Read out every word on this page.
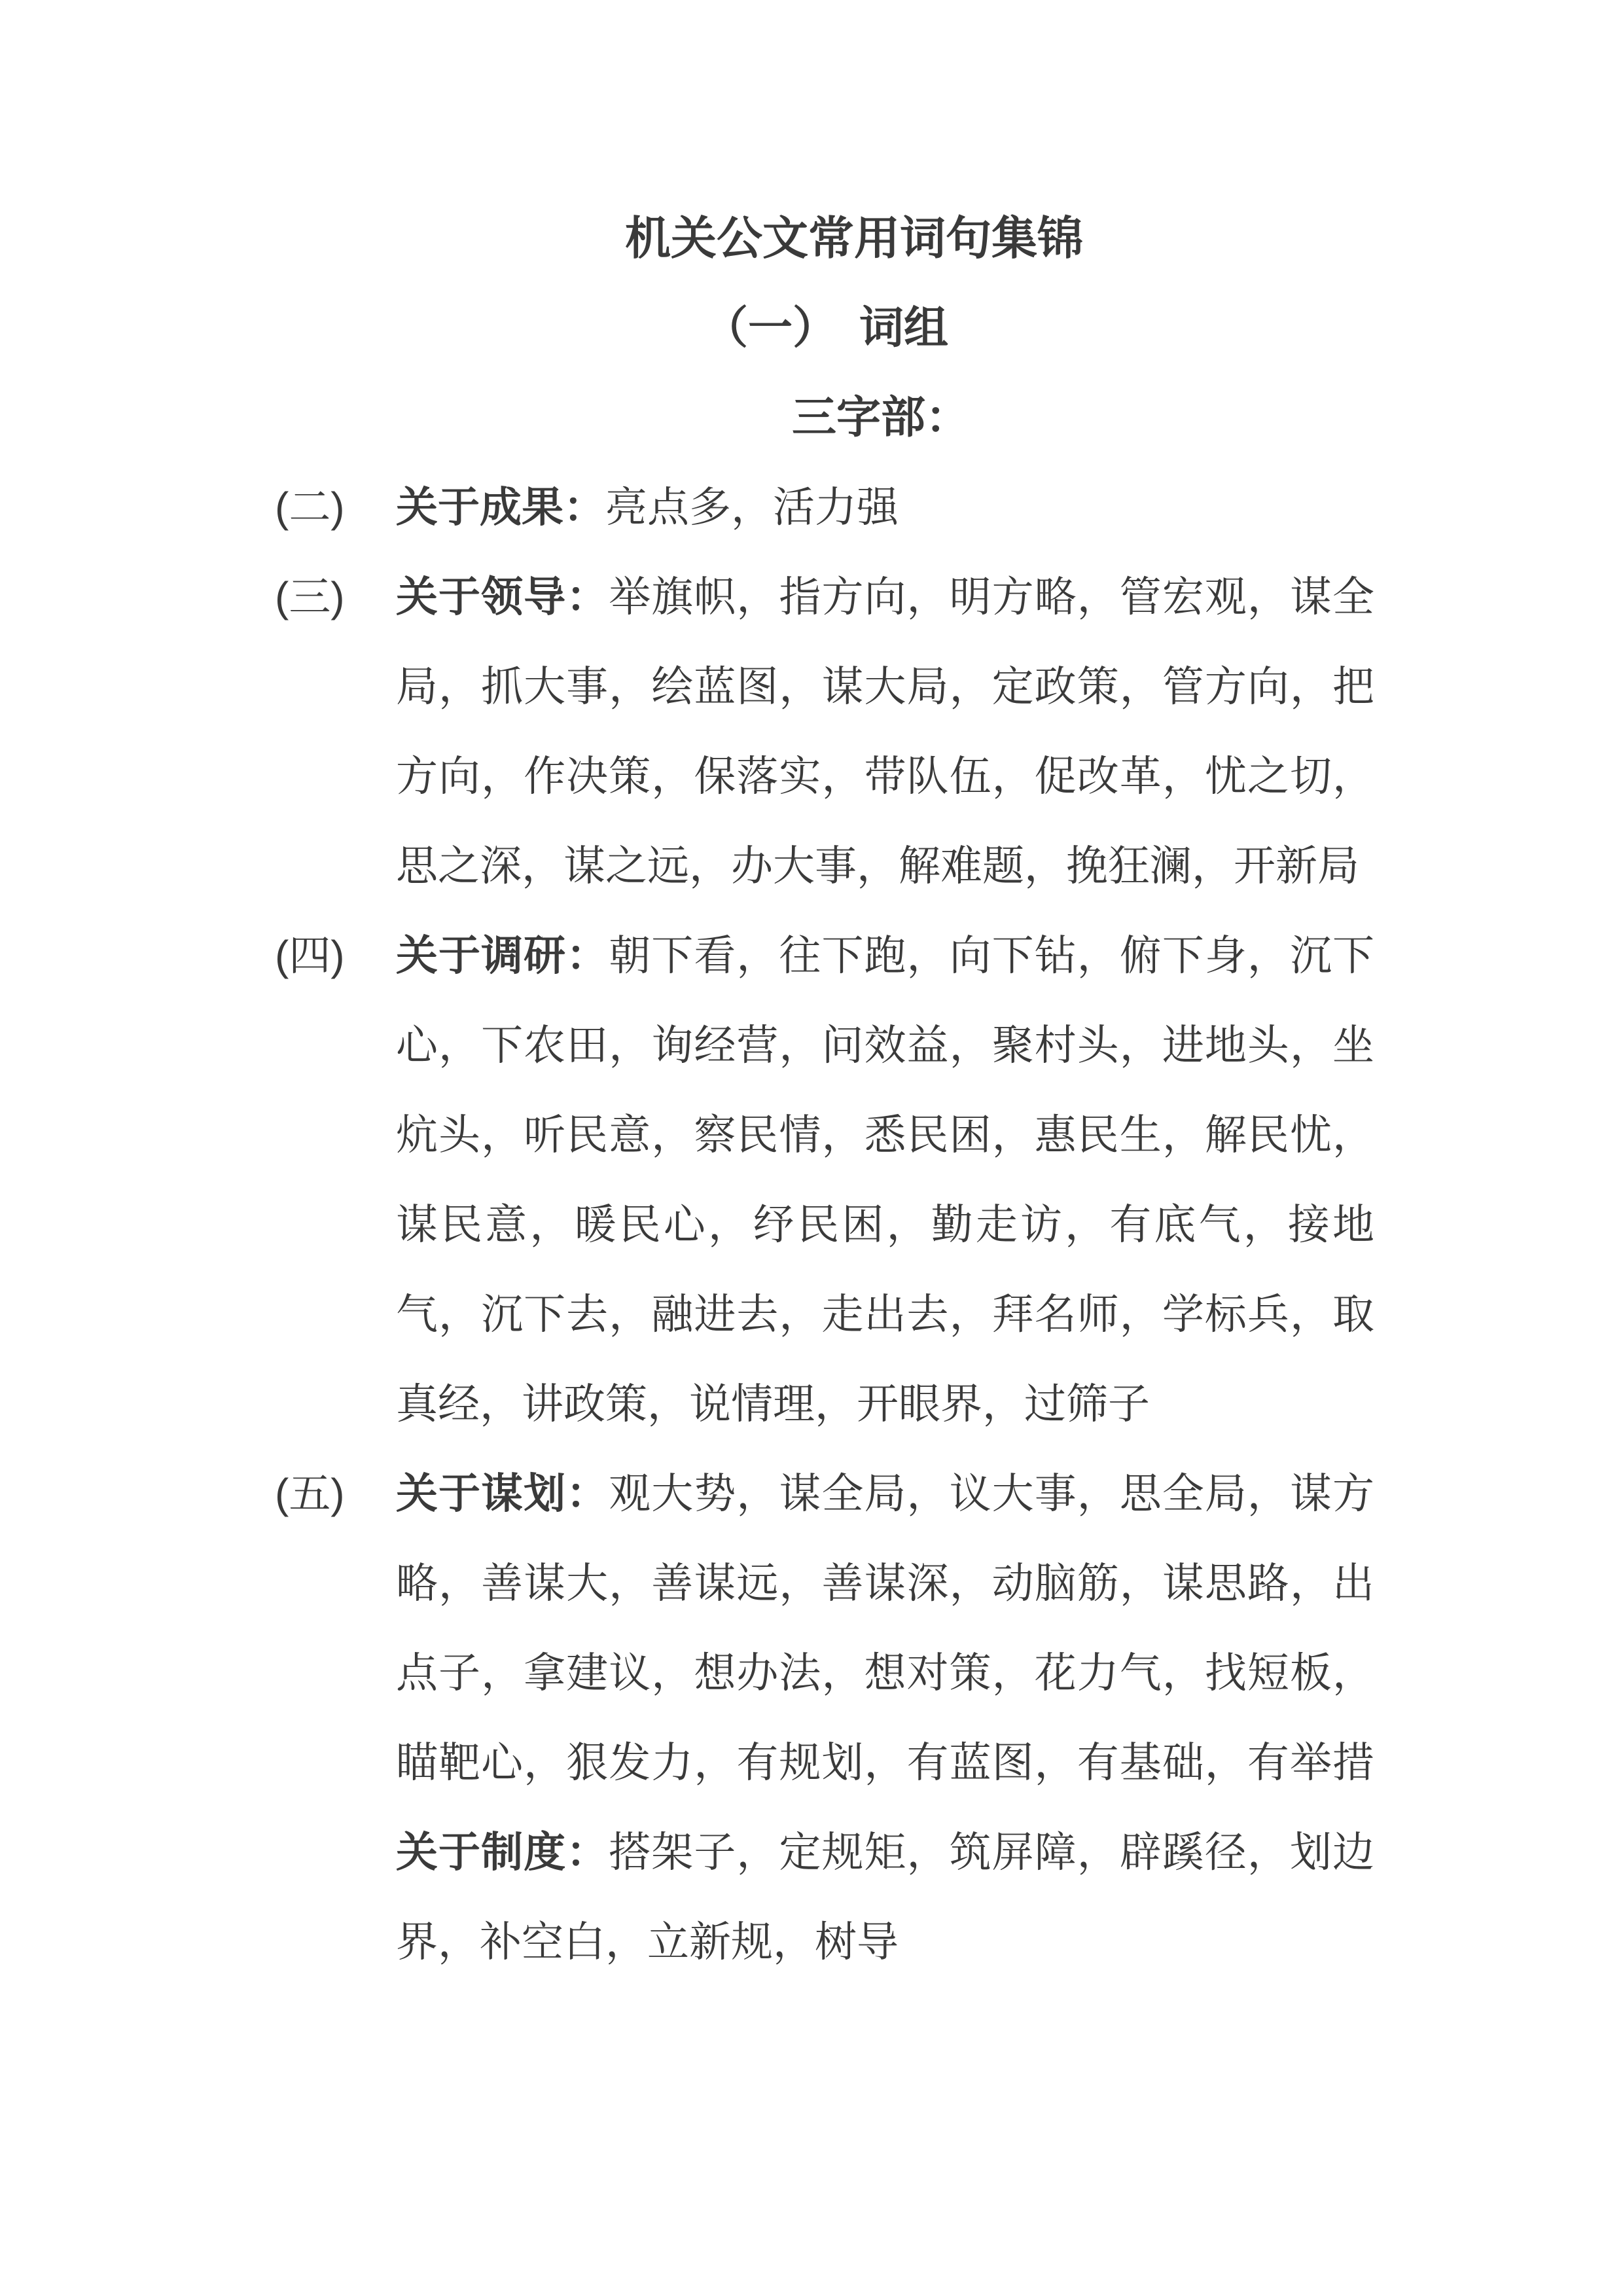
机关公文常用词句集锦
（一）　词组
三字部：
(二) 关于成果：亮点多，活力强
(三) 关于领导：举旗帜，指方向，明方略，管宏观，谋全局，抓大事，绘蓝图，谋大局，定政策，管方向，把方向，作决策，保落实，带队伍，促改革，忧之切，思之深，谋之远，办大事，解难题，挽狂澜，开新局
(四) 关于调研：朝下看，往下跑，向下钻，俯下身，沉下心，下农田，询经营，问效益，聚村头，进地头，坐炕头，听民意，察民情，悉民困，惠民生，解民忧，谋民意，暖民心，纾民困，勤走访，有底气，接地气，沉下去，融进去，走出去，拜名师，学标兵，取真经，讲政策，说情理，开眼界，过筛子
(五) 关于谋划：观大势，谋全局，议大事，思全局，谋方略，善谋大，善谋远，善谋深，动脑筋，谋思路，出点子，拿建议，想办法，想对策，花力气，找短板，瞄靶心，狠发力，有规划，有蓝图，有基础，有举措关于制度：搭架子，定规矩，筑屏障，辟蹊径，划边界，补空白，立新规，树导
